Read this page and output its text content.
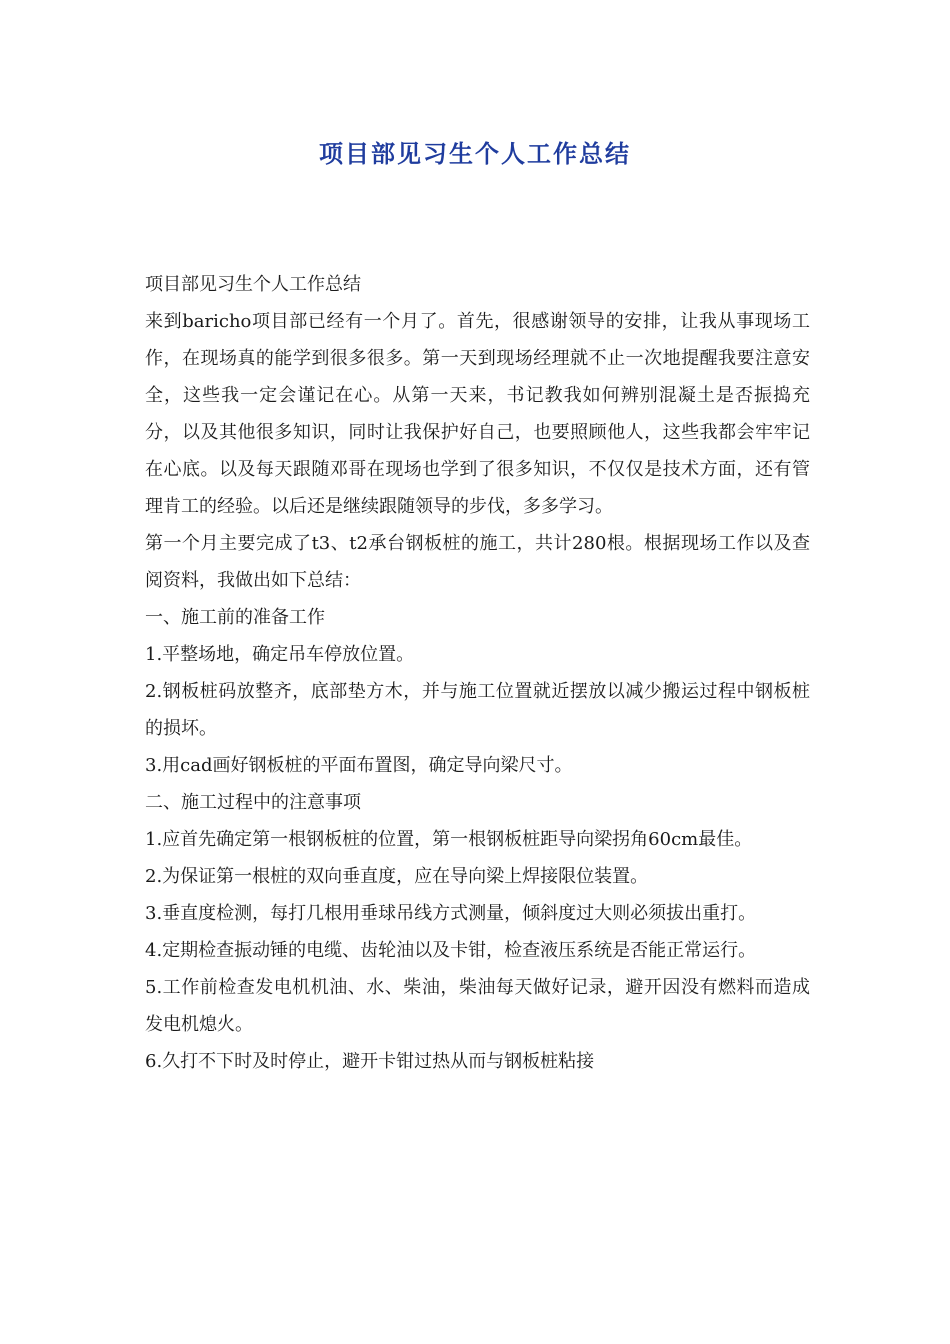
项目部见习生个人工作总结

项目部见习生个人工作总结

来到baricho项目部已经有一个月了。首先，很感谢领导的安排，让我从事现场工作，在现场真的能学到很多很多。第一天到现场经理就不止一次地提醒我要注意安全，这些我一定会谨记在心。从第一天来，书记教我如何辨别混凝土是否振捣充分，以及其他很多知识，同时让我保护好自己，也要照顾他人，这些我都会牢牢记在心底。以及每天跟随邓哥在现场也学到了很多知识，不仅仅是技术方面，还有管理肯工的经验。以后还是继续跟随领导的步伐，多多学习。

第一个月主要完成了t3、t2承台钢板桩的施工，共计280根。根据现场工作以及查阅资料，我做出如下总结：

一、施工前的准备工作

1.平整场地，确定吊车停放位置。

2.钢板桩码放整齐，底部垫方木，并与施工位置就近摆放以减少搬运过程中钢板桩的损坏。

3.用cad画好钢板桩的平面布置图，确定导向梁尺寸。

二、施工过程中的注意事项

1.应首先确定第一根钢板桩的位置，第一根钢板桩距导向梁拐角60cm最佳。

2.为保证第一根桩的双向垂直度，应在导向梁上焊接限位装置。

3.垂直度检测，每打几根用垂球吊线方式测量，倾斜度过大则必须拔出重打。

4.定期检查振动锤的电缆、齿轮油以及卡钳，检查液压系统是否能正常运行。

5.工作前检查发电机机油、水、柴油，柴油每天做好记录，避开因没有燃料而造成发电机熄火。

6.久打不下时及时停止，避开卡钳过热从而与钢板桩粘接
